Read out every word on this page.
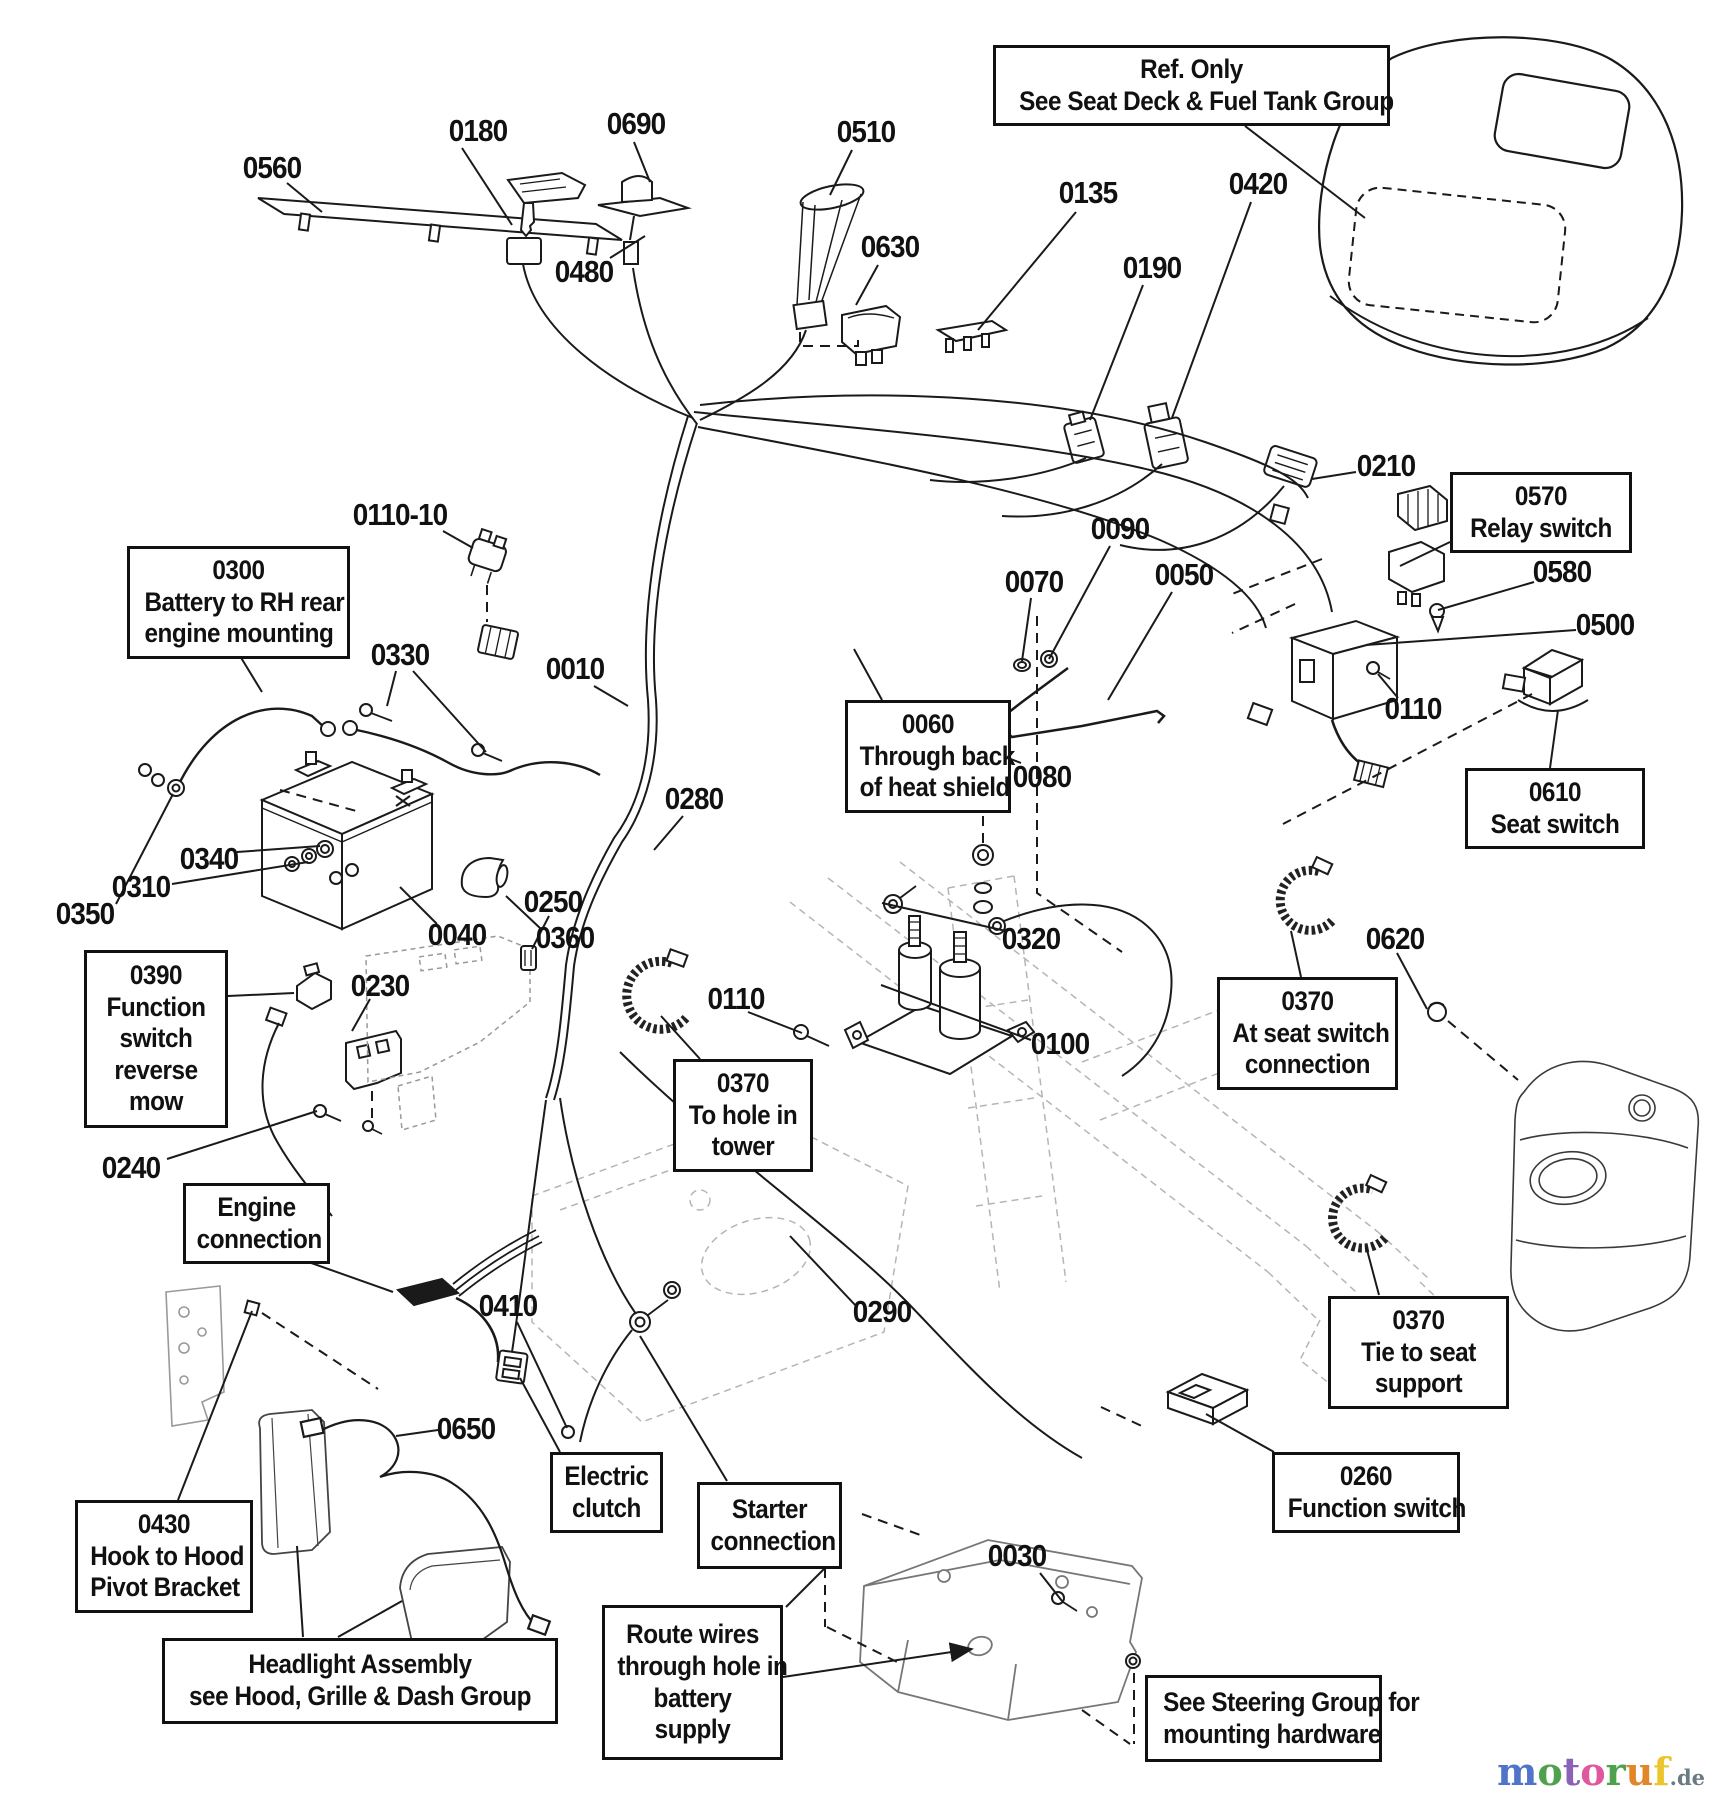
0560
0180	0690
0480
0510
0630
0135
0190
0420
0210
0580
0500
0110
0110-10
0330	0010
0090
0070	0050
0080
0280
0360	0320
0310
0340
0350
0040
0230
0240
0250
0110
0100
0410	0290
0650
0030
0620
Ref. Only
See Seat Deck & Fuel Tank Group
0300
Battery to RH rear
engine mounting
0570
Relay switch
0610
Seat switch
0060
Through back
of heat shield
0390
Function
switch
reverse
mow
0370
To hole in
tower
0370
At seat switch
connection
0370
Tie to seat
support
0260
Function switch
Engine
connection
Electric
clutch	Starter
connection
0430
Hook to Hood
Pivot Bracket
Headlight Assembly
see Hood, Grille & Dash Group
Route wires
through hole in
battery
supply
See Steering Group for
mounting hardware
motoruf.de
